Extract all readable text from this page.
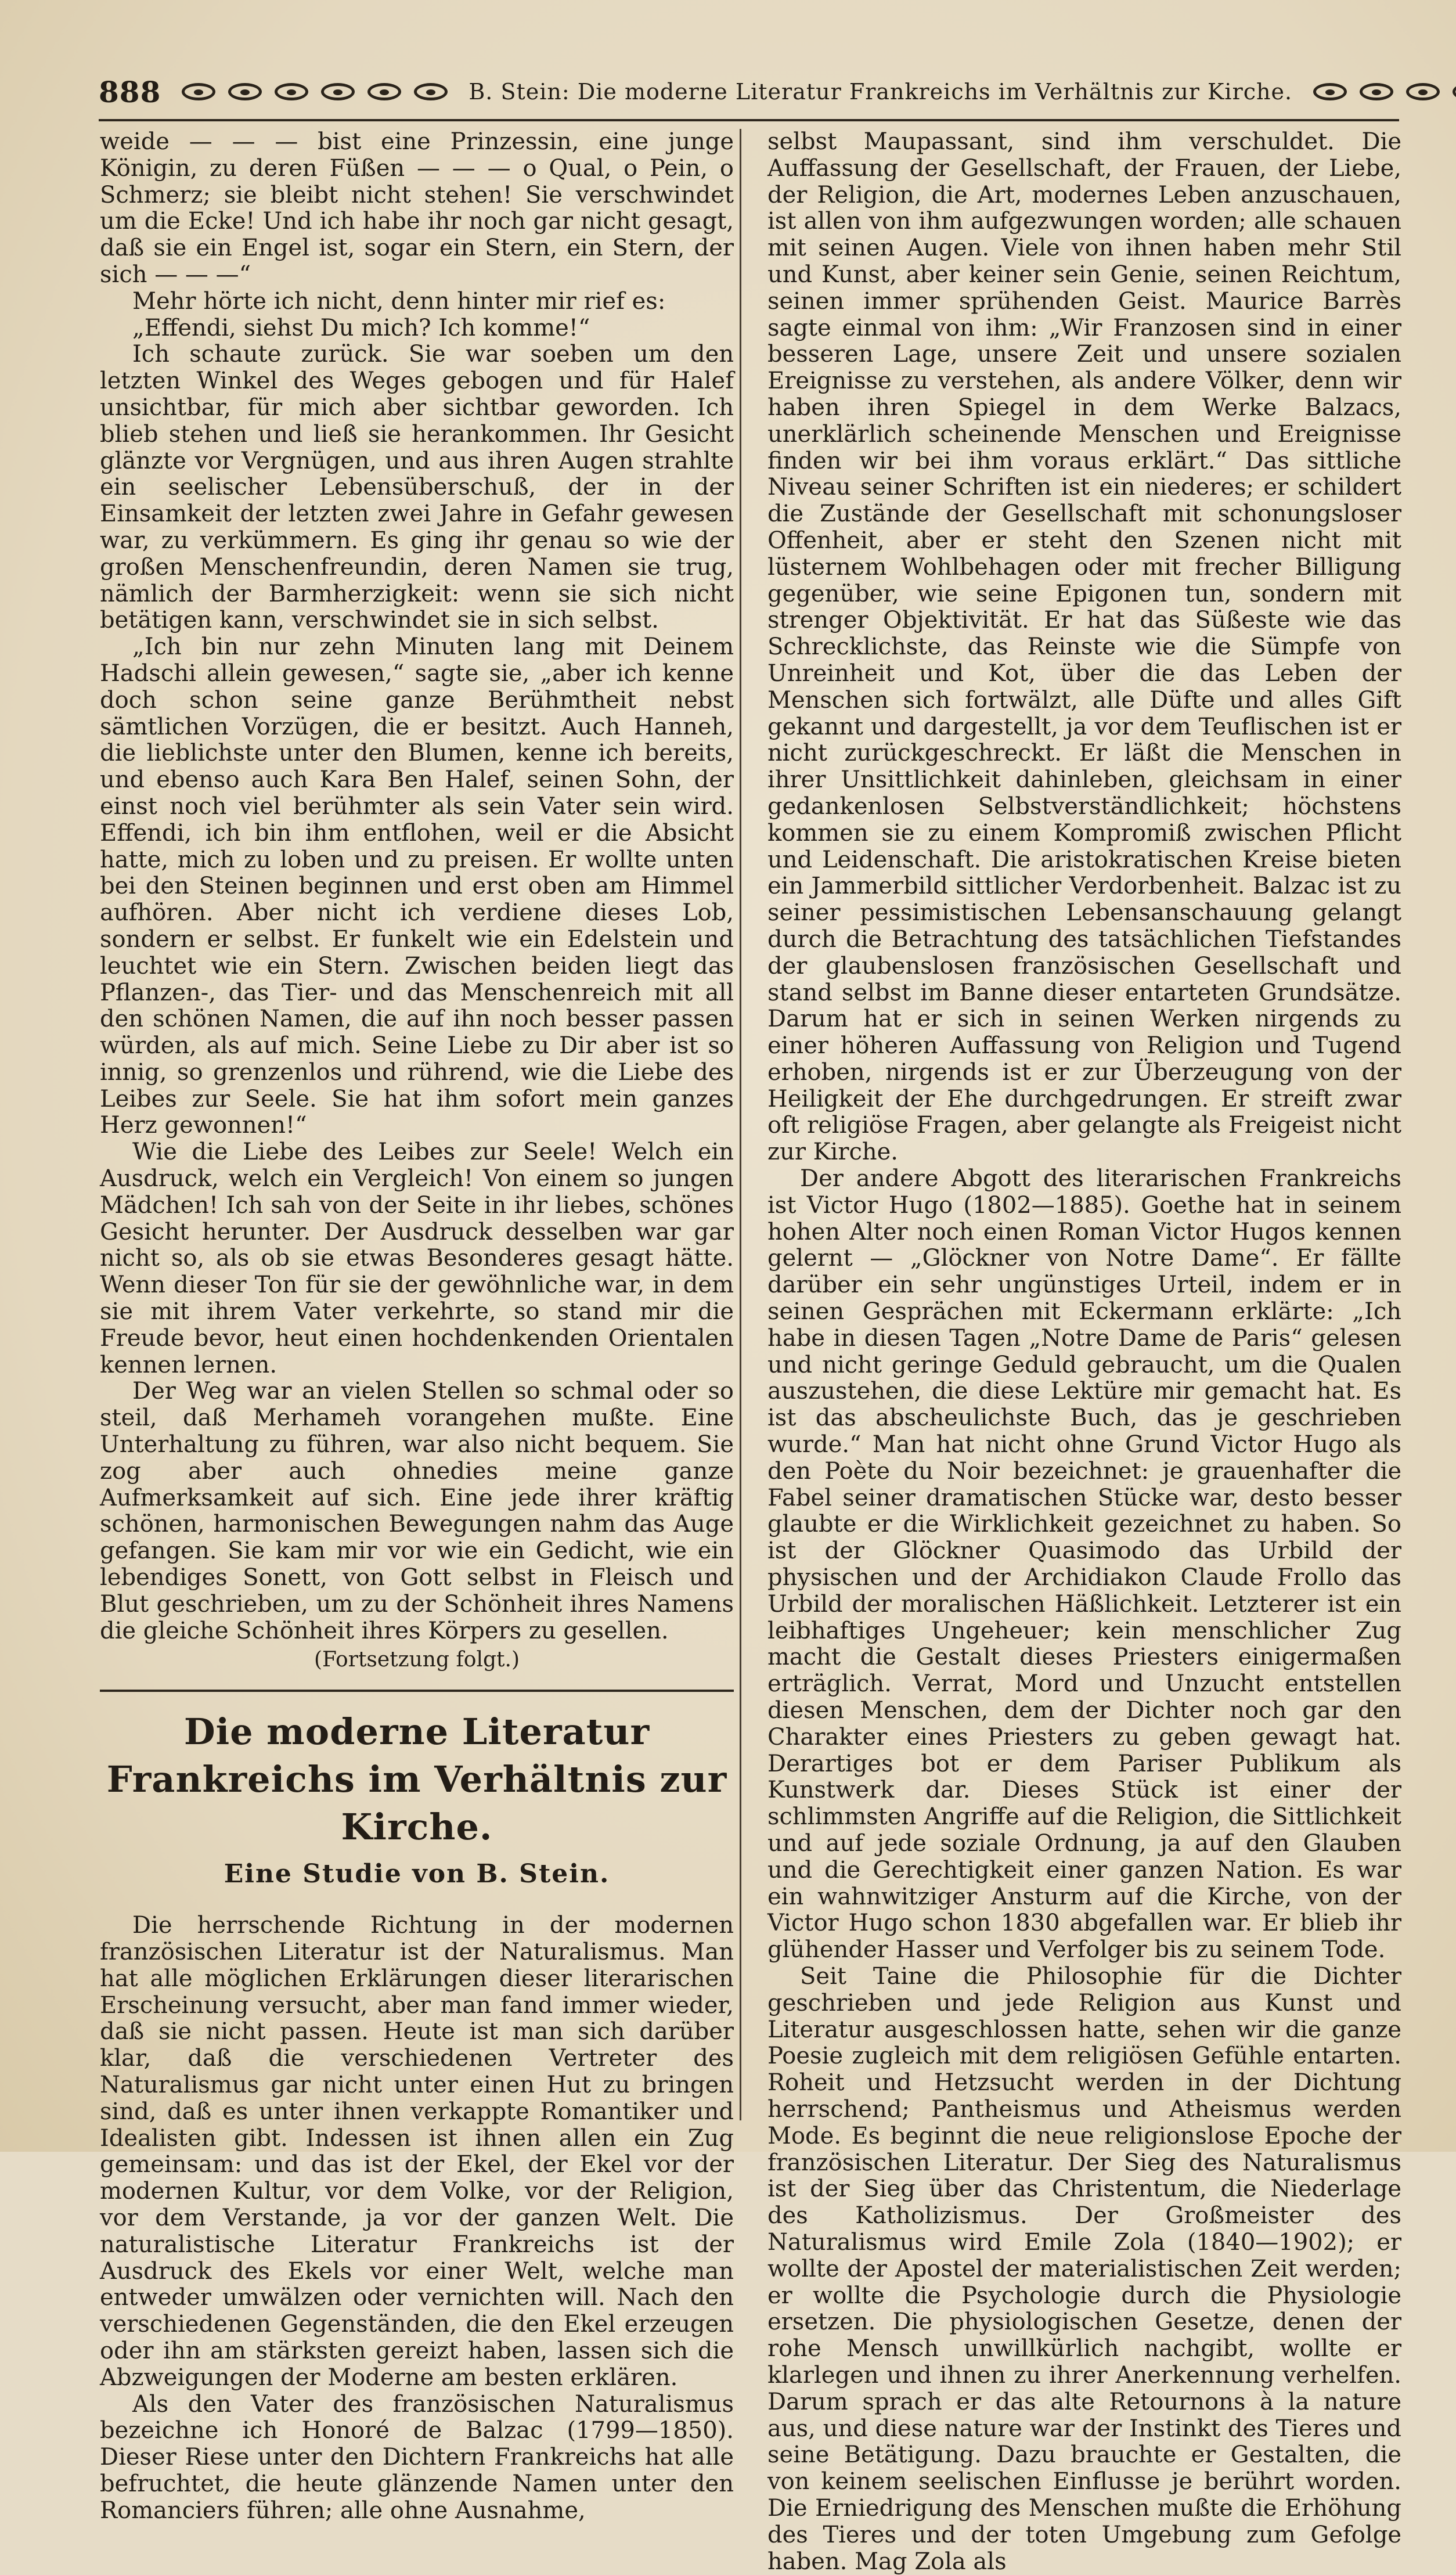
888	B. Stein: Die moderne Literatur Frankreichs im Verhältnis zur Kirche.

weide — — — bist eine Prinzessin, eine junge Königin, zu deren Füßen — — — o Qual, o Pein, o Schmerz; sie bleibt nicht stehen! Sie verschwindet um die Ecke! Und ich habe ihr noch gar nicht gesagt, daß sie ein Engel ist, sogar ein Stern, ein Stern, der sich — — —“

Mehr hörte ich nicht, denn hinter mir rief es:

„Effendi, siehst Du mich? Ich komme!“

Ich schaute zurück. Sie war soeben um den letzten Winkel des Weges gebogen und für Halef unsichtbar, für mich aber sichtbar geworden. Ich blieb stehen und ließ sie herankommen. Ihr Gesicht glänzte vor Vergnügen, und aus ihren Augen strahlte ein seelischer Lebensüberschuß, der in der Einsamkeit der letzten zwei Jahre in Gefahr gewesen war, zu verkümmern. Es ging ihr genau so wie der großen Menschenfreundin, deren Namen sie trug, nämlich der Barmherzigkeit: wenn sie sich nicht betätigen kann, verschwindet sie in sich selbst.

„Ich bin nur zehn Minuten lang mit Deinem Hadschi allein gewesen,“ sagte sie, „aber ich kenne doch schon seine ganze Berühmtheit nebst sämtlichen Vorzügen, die er besitzt. Auch Hanneh, die lieblichste unter den Blumen, kenne ich bereits, und ebenso auch Kara Ben Halef, seinen Sohn, der einst noch viel berühmter als sein Vater sein wird. Effendi, ich bin ihm entflohen, weil er die Absicht hatte, mich zu loben und zu preisen. Er wollte unten bei den Steinen beginnen und erst oben am Himmel aufhören. Aber nicht ich verdiene dieses Lob, sondern er selbst. Er funkelt wie ein Edelstein und leuchtet wie ein Stern. Zwischen beiden liegt das Pflanzen-, das Tier- und das Menschenreich mit all den schönen Namen, die auf ihn noch besser passen würden, als auf mich. Seine Liebe zu Dir aber ist so innig, so grenzenlos und rührend, wie die Liebe des Leibes zur Seele. Sie hat ihm sofort mein ganzes Herz gewonnen!“

Wie die Liebe des Leibes zur Seele! Welch ein Ausdruck, welch ein Vergleich! Von einem so jungen Mädchen! Ich sah von der Seite in ihr liebes, schönes Gesicht herunter. Der Ausdruck desselben war gar nicht so, als ob sie etwas Besonderes gesagt hätte. Wenn dieser Ton für sie der gewöhnliche war, in dem sie mit ihrem Vater verkehrte, so stand mir die Freude bevor, heut einen hochdenkenden Orientalen kennen lernen.

Der Weg war an vielen Stellen so schmal oder so steil, daß Merhameh vorangehen mußte. Eine Unterhaltung zu führen, war also nicht bequem. Sie zog aber auch ohnedies meine ganze Aufmerksamkeit auf sich. Eine jede ihrer kräftig schönen, harmonischen Bewegungen nahm das Auge gefangen. Sie kam mir vor wie ein Gedicht, wie ein lebendiges Sonett, von Gott selbst in Fleisch und Blut geschrieben, um zu der Schönheit ihres Namens die gleiche Schönheit ihres Körpers zu gesellen.

(Fortsetzung folgt.)
Die moderne Literatur Frankreichs im Verhältnis zur Kirche.
Eine Studie von B. Stein.

Die herrschende Richtung in der modernen französischen Literatur ist der Naturalismus. Man hat alle möglichen Erklärungen dieser literarischen Erscheinung versucht, aber man fand immer wieder, daß sie nicht passen. Heute ist man sich darüber klar, daß die verschiedenen Vertreter des Naturalismus gar nicht unter einen Hut zu bringen sind, daß es unter ihnen verkappte Romantiker und Idealisten gibt. Indessen ist ihnen allen ein Zug gemeinsam: und das ist der Ekel, der Ekel vor der modernen Kultur, vor dem Volke, vor der Religion, vor dem Verstande, ja vor der ganzen Welt. Die naturalistische Literatur Frankreichs ist der Ausdruck des Ekels vor einer Welt, welche man entweder umwälzen oder vernichten will. Nach den verschiedenen Gegenständen, die den Ekel erzeugen oder ihn am stärksten gereizt haben, lassen sich die Abzweigungen der Moderne am besten erklären.

Als den Vater des französischen Naturalismus bezeichne ich Honoré de Balzac (1799—1850). Dieser Riese unter den Dichtern Frankreichs hat alle befruchtet, die heute glänzende Namen unter den Romanciers führen; alle ohne Ausnahme,

selbst Maupassant, sind ihm verschuldet. Die Auffassung der Gesellschaft, der Frauen, der Liebe, der Religion, die Art, modernes Leben anzuschauen, ist allen von ihm aufgezwungen worden; alle schauen mit seinen Augen. Viele von ihnen haben mehr Stil und Kunst, aber keiner sein Genie, seinen Reichtum, seinen immer sprühenden Geist. Maurice Barrès sagte einmal von ihm: „Wir Franzosen sind in einer besseren Lage, unsere Zeit und unsere sozialen Ereignisse zu verstehen, als andere Völker, denn wir haben ihren Spiegel in dem Werke Balzacs, unerklärlich scheinende Menschen und Ereignisse finden wir bei ihm voraus erklärt.“ Das sittliche Niveau seiner Schriften ist ein niederes; er schildert die Zustände der Gesellschaft mit schonungsloser Offenheit, aber er steht den Szenen nicht mit lüsternem Wohlbehagen oder mit frecher Billigung gegenüber, wie seine Epigonen tun, sondern mit strenger Objektivität. Er hat das Süßeste wie das Schrecklichste, das Reinste wie die Sümpfe von Unreinheit und Kot, über die das Leben der Menschen sich fortwälzt, alle Düfte und alles Gift gekannt und dargestellt, ja vor dem Teuflischen ist er nicht zurückgeschreckt. Er läßt die Menschen in ihrer Unsittlichkeit dahinleben, gleichsam in einer gedankenlosen Selbstverständlichkeit; höchstens kommen sie zu einem Kompromiß zwischen Pflicht und Leidenschaft. Die aristokratischen Kreise bieten ein Jammerbild sittlicher Verdorbenheit. Balzac ist zu seiner pessimistischen Lebensanschauung gelangt durch die Betrachtung des tatsächlichen Tiefstandes der glaubenslosen französischen Gesellschaft und stand selbst im Banne dieser entarteten Grundsätze. Darum hat er sich in seinen Werken nirgends zu einer höheren Auffassung von Religion und Tugend erhoben, nirgends ist er zur Überzeugung von der Heiligkeit der Ehe durchgedrungen. Er streift zwar oft religiöse Fragen, aber gelangte als Freigeist nicht zur Kirche.

Der andere Abgott des literarischen Frankreichs ist Victor Hugo (1802—1885). Goethe hat in seinem hohen Alter noch einen Roman Victor Hugos kennen gelernt — „Glöckner von Notre Dame“. Er fällte darüber ein sehr ungünstiges Urteil, indem er in seinen Gesprächen mit Eckermann erklärte: „Ich habe in diesen Tagen „Notre Dame de Paris“ gelesen und nicht geringe Geduld gebraucht, um die Qualen auszustehen, die diese Lektüre mir gemacht hat. Es ist das abscheulichste Buch, das je geschrieben wurde.“ Man hat nicht ohne Grund Victor Hugo als den Poète du Noir bezeichnet: je grauenhafter die Fabel seiner dramatischen Stücke war, desto besser glaubte er die Wirklichkeit gezeichnet zu haben. So ist der Glöckner Quasimodo das Urbild der physischen und der Archidiakon Claude Frollo das Urbild der moralischen Häßlichkeit. Letzterer ist ein leibhaftiges Ungeheuer; kein menschlicher Zug macht die Gestalt dieses Priesters einigermaßen erträglich. Verrat, Mord und Unzucht entstellen diesen Menschen, dem der Dichter noch gar den Charakter eines Priesters zu geben gewagt hat. Derartiges bot er dem Pariser Publikum als Kunstwerk dar. Dieses Stück ist einer der schlimmsten Angriffe auf die Religion, die Sittlichkeit und auf jede soziale Ordnung, ja auf den Glauben und die Gerechtigkeit einer ganzen Nation. Es war ein wahnwitziger Ansturm auf die Kirche, von der Victor Hugo schon 1830 abgefallen war. Er blieb ihr glühender Hasser und Verfolger bis zu seinem Tode.

Seit Taine die Philosophie für die Dichter geschrieben und jede Religion aus Kunst und Literatur ausgeschlossen hatte, sehen wir die ganze Poesie zugleich mit dem religiösen Gefühle entarten. Roheit und Hetzsucht werden in der Dichtung herrschend; Pantheismus und Atheismus werden Mode. Es beginnt die neue religionslose Epoche der französischen Literatur. Der Sieg des Naturalismus ist der Sieg über das Christentum, die Niederlage des Katholizismus. Der Großmeister des Naturalismus wird Emile Zola (1840—1902); er wollte der Apostel der materialistischen Zeit werden; er wollte die Psychologie durch die Physiologie ersetzen. Die physiologischen Gesetze, denen der rohe Mensch unwillkürlich nachgibt, wollte er klarlegen und ihnen zu ihrer Anerkennung verhelfen. Darum sprach er das alte Retournons à la nature aus, und diese nature war der Instinkt des Tieres und seine Betätigung. Dazu brauchte er Gestalten, die von keinem seelischen Einflusse je berührt worden. Die Erniedrigung des Menschen mußte die Erhöhung des Tieres und der toten Umgebung zum Gefolge haben. Mag Zola als
